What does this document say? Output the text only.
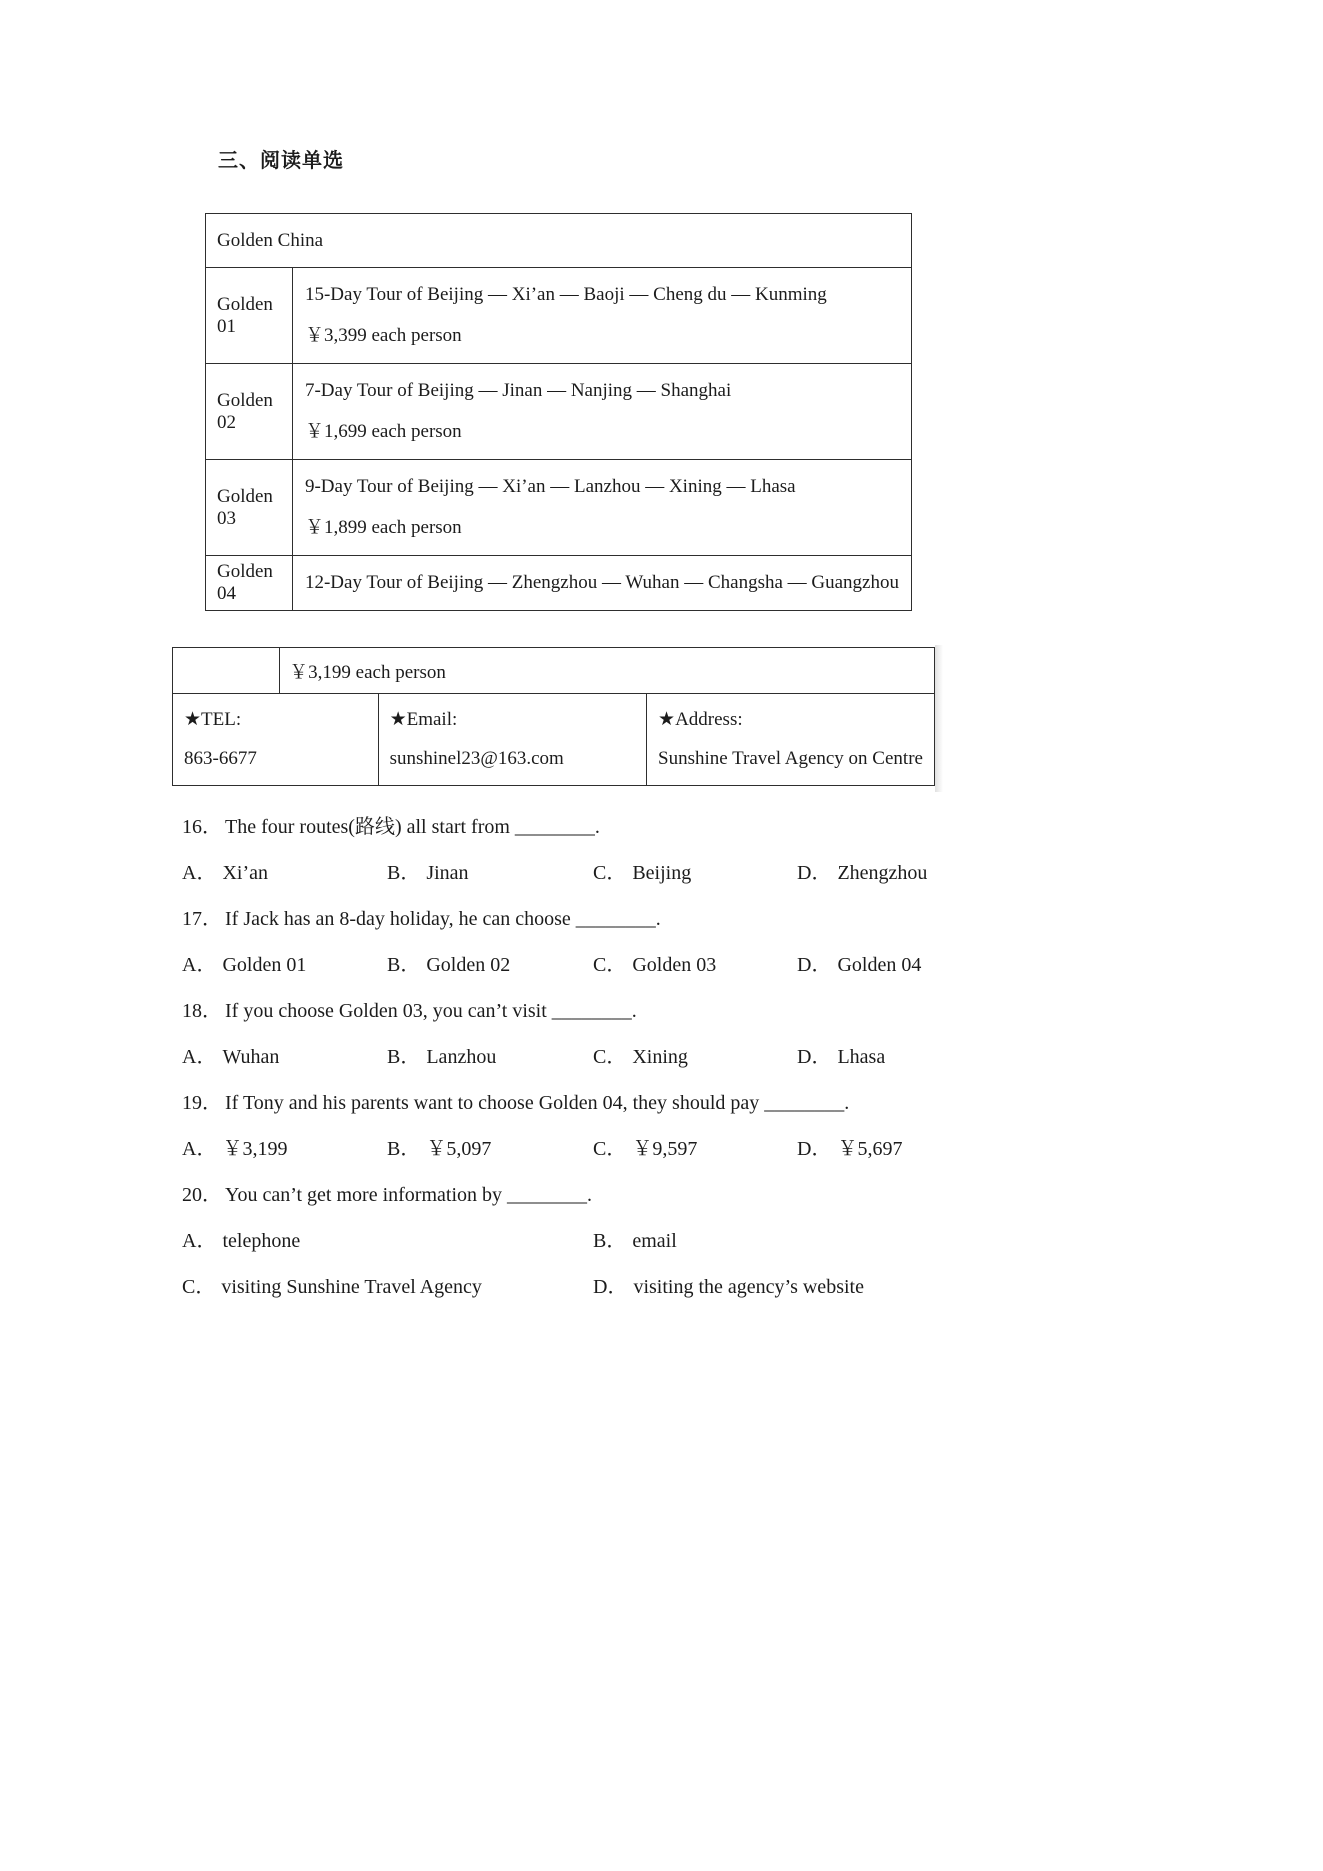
三、阅读单选
Golden China	
Golden 01	15-Day Tour of Beijing — Xi’an — Baoji — Cheng du — Kunming
￥3,399 each person

Golden 02	7-Day Tour of Beijing — Jinan — Nanjing — Shanghai
￥1,699 each person

Golden 03	9-Day Tour of Beijing — Xi’an — Lanzhou — Xining — Lhasa
￥1,899 each person

Golden 04	12-Day Tour of Beijing — Zhengzhou — Wuhan — Changsha — Guangzhou
	￥3,199 each person		

★TEL:
863-6677

★Email:
sunshinel23@163.com

★Address:
Sunshine Travel Agency on Centre
16． The four routes(路线) all start from ________.
A． Xi’an	B． Jinan	C． Beijing	D． Zhengzhou
17． If Jack has an 8-day holiday, he can choose ________.
A． Golden 01	B． Golden 02	C． Golden 03	D． Golden 04
18． If you choose Golden 03, you can’t visit ________.
A． Wuhan	B． Lanzhou	C． Xining	D． Lhasa
19． If Tony and his parents want to choose Golden 04, they should pay ________.
A． ￥3,199	B． ￥5,097	C． ￥9,597	D． ￥5,697
20． You can’t get more information by ________.
A． telephone	B． email
C． visiting Sunshine Travel Agency	D． visiting the agency’s website
